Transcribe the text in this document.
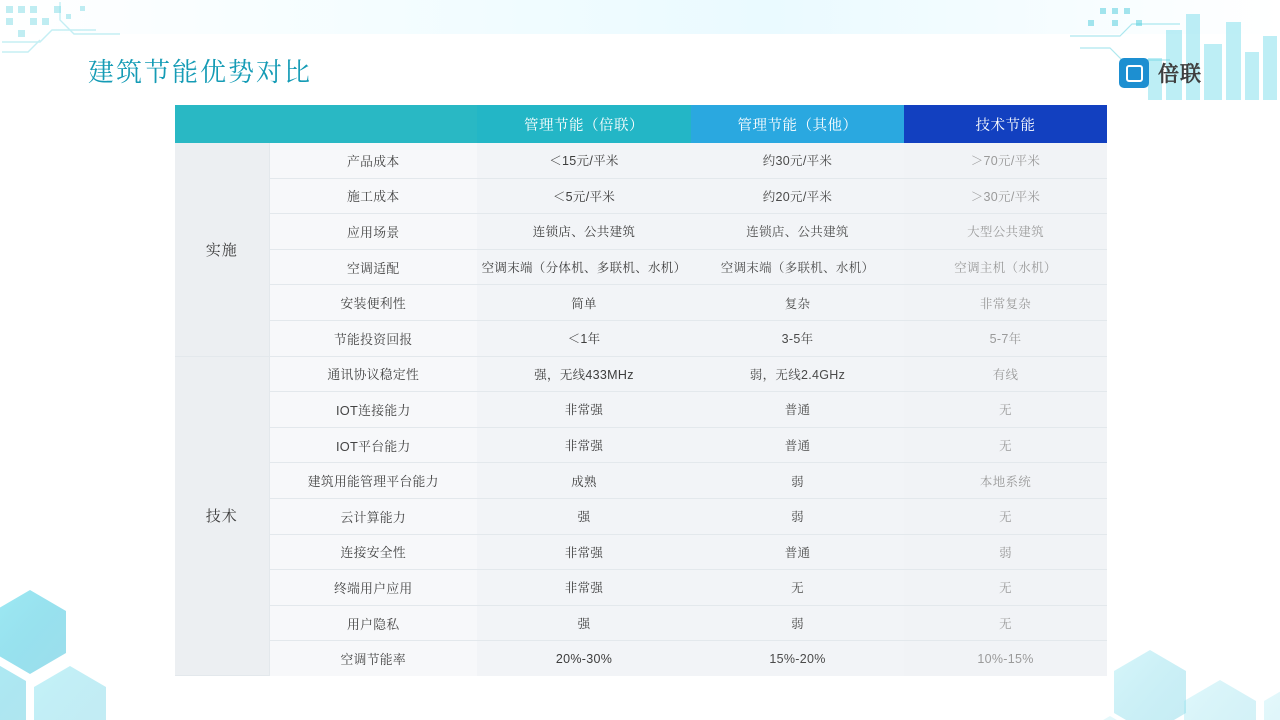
建筑节能优势对比	倍联
		管理节能（倍联）	管理节能（其他）	技术节能
实施	产品成本	＜15元/平米	约30元/平米	＞70元/平米
	施工成本	＜5元/平米	约20元/平米	＞30元/平米
	应用场景	连锁店、公共建筑	连锁店、公共建筑	大型公共建筑
	空调适配	空调末端（分体机、多联机、水机）	空调末端（多联机、水机）	空调主机（水机）
	安装便利性	简单	复杂	非常复杂
	节能投资回报	＜1年	3-5年	5-7年
技术	通讯协议稳定性	强，无线433MHz	弱，无线2.4GHz	有线
	IOT连接能力	非常强	普通	无
	IOT平台能力	非常强	普通	无
	建筑用能管理平台能力	成熟	弱	本地系统
	云计算能力	强	弱	无
	连接安全性	非常强	普通	弱
	终端用户应用	非常强	无	无
	用户隐私	强	弱	无
	空调节能率	20%-30%	15%-20%	10%-15%
